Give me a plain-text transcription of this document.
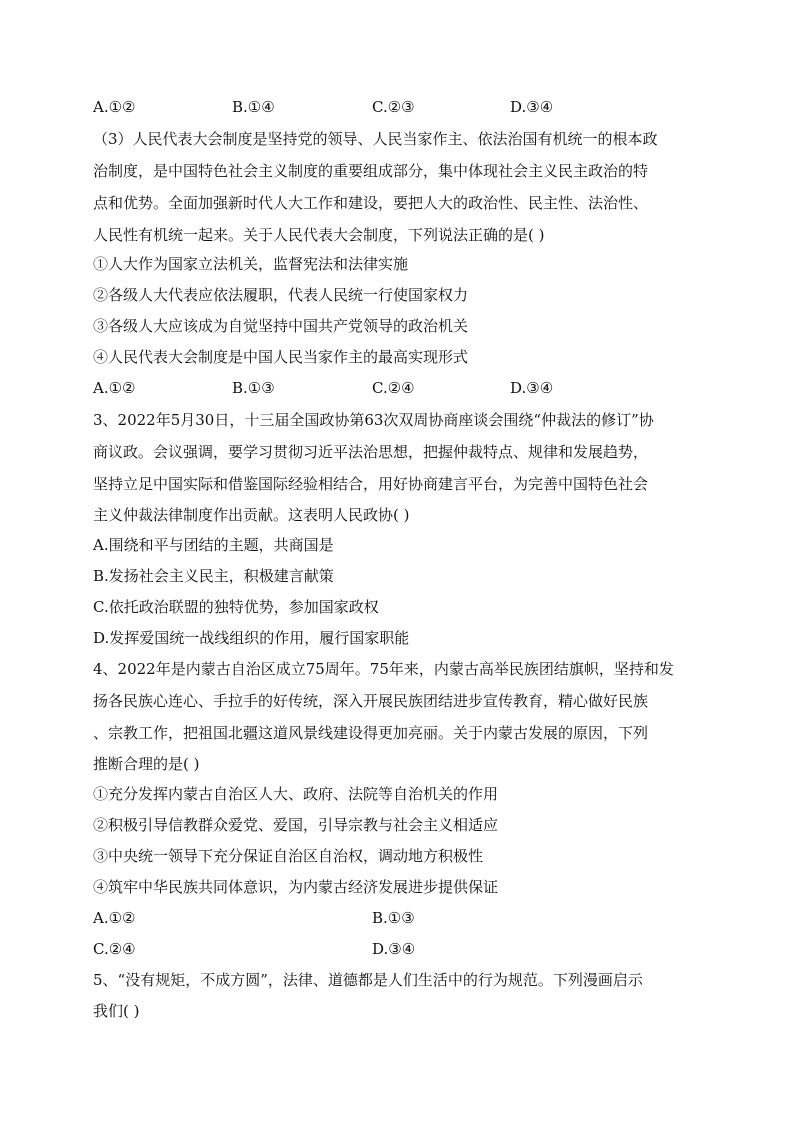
A.①②	B.①④	C.②③	D.③④
（3）人民代表大会制度是坚持党的领导、人民当家作主、依法治国有机统一的根本政
治制度，是中国特色社会主义制度的重要组成部分，集中体现社会主义民主政治的特
点和优势。全面加强新时代人大工作和建设，要把人大的政治性、民主性、法治性、
人民性有机统一起来。关于人民代表大会制度，下列说法正确的是( )
①人大作为国家立法机关，监督宪法和法律实施
②各级人大代表应依法履职，代表人民统一行使国家权力
③各级人大应该成为自觉坚持中国共产党领导的政治机关
④人民代表大会制度是中国人民当家作主的最高实现形式
A.①②	B.①③	C.②④	D.③④
3、2022年5月30日，十三届全国政协第63次双周协商座谈会围绕“仲裁法的修订”协
商议政。会议强调，要学习贯彻习近平法治思想，把握仲裁特点、规律和发展趋势，
坚持立足中国实际和借鉴国际经验相结合，用好协商建言平台，为完善中国特色社会
主义仲裁法律制度作出贡献。这表明人民政协( )
A.围绕和平与团结的主题，共商国是
B.发扬社会主义民主，积极建言献策
C.依托政治联盟的独特优势，参加国家政权
D.发挥爱国统一战线组织的作用，履行国家职能
4、2022年是内蒙古自治区成立75周年。75年来，内蒙古高举民族团结旗帜，坚持和发
扬各民族心连心、手拉手的好传统，深入开展民族团结进步宣传教育，精心做好民族
、宗教工作，把祖国北疆这道风景线建设得更加亮丽。关于内蒙古发展的原因，下列
推断合理的是( )
①充分发挥内蒙古自治区人大、政府、法院等自治机关的作用
②积极引导信教群众爱党、爱国，引导宗教与社会主义相适应
③中央统一领导下充分保证自治区自治权，调动地方积极性
④筑牢中华民族共同体意识，为内蒙古经济发展进步提供保证
A.①②	B.①③
C.②④	D.③④
5、“没有规矩，不成方圆”，法律、道德都是人们生活中的行为规范。下列漫画启示
我们( )
